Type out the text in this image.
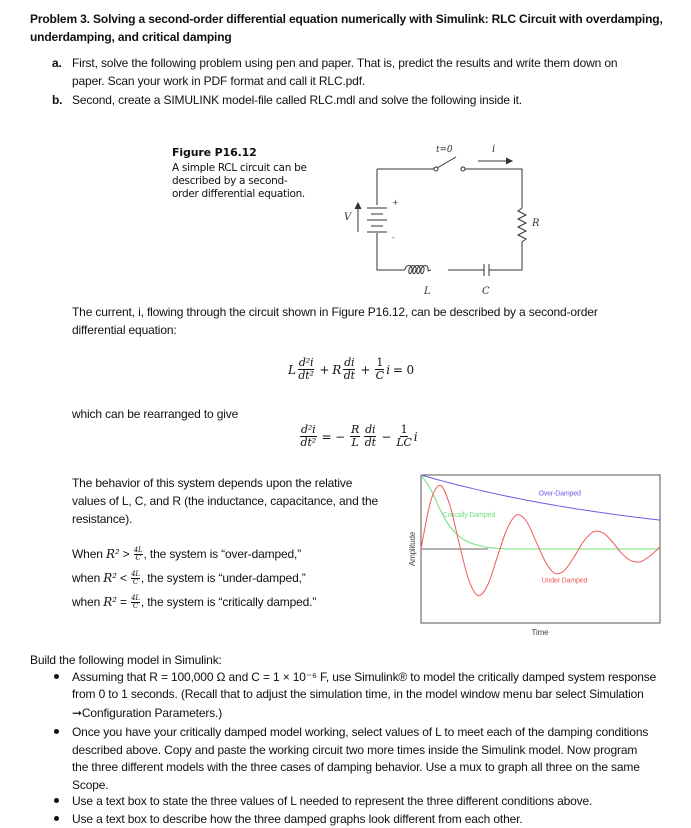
Problem 3. Solving a second-order differential equation numerically with Simulink: RLC Circuit with overdamping,
underdamping, and critical damping
a. First, solve the following problem using pen and paper. That is, predict the results and write them down on
paper. Scan your work in PDF format and call it RLC.pdf.
b. Second, create a SIMULINK model-file called RLC.mdl and solve the following inside it.
Figure P16.12
A simple RCL circuit can be
described by a second-
order differential equation.
t=0	i
V
+
-
R
L	C
The current, i, flowing through the circuit shown in Figure P16.12, can be described by a second-order
differential equation:
L d²i
dt² + R di
dt + $\frac{1}{C}$ i = 0
which can be rearranged to give
$\frac{\text{d²i}}{\text{dt²}}$ = − $\frac{R}{L}$ di
dt − $\frac{1}{LC}$ i
The behavior of this system depends upon the relative
values of L, C, and R (the inductance, capacitance, and the
resistance).
When $R^2 > \frac{4L}{C}$ , the system is “over-damped,”
when $R^2 < \frac{4L}{C}$ , the system is “under-damped,”
when $R^2 = \frac{4L}{C}$ , the system is “critically damped.”
Over-Damped
Critically Damped
Under Damped
Time
Amplitude
Build the following model in Simulink:
Assuming that R = 100,000 Ω and C = 1 × 10⁻⁶ F, use Simulink® to model the critically damped system response
from 0 to 1 seconds. (Recall that to adjust the simulation time, in the model window menu bar select Simulation
➞Configuration Parameters.)
Once you have your critically damped model working, select values of L to meet each of the damping conditions
described above. Copy and paste the working circuit two more times inside the Simulink model. Now program
the three different models with the three cases of damping behavior. Use a mux to graph all three on the same
Scope.
Use a text box to state the three values of L needed to represent the three different conditions above.
Use a text box to describe how the three damped graphs look different from each other.
